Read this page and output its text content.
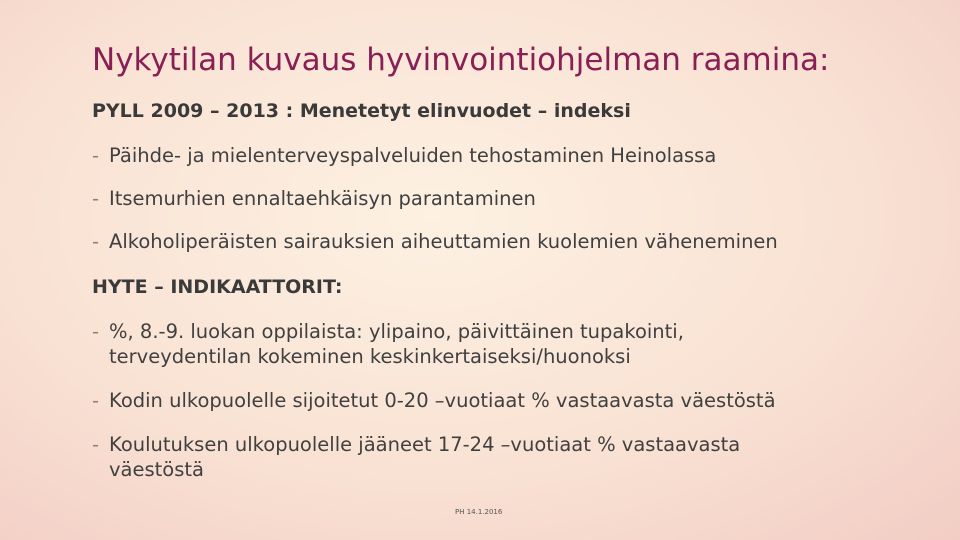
Nykytilan kuvaus hyvinvointiohjelman raamina:
PYLL 2009 – 2013 : Menetetyt elinvuodet – indeksi
- Päihde- ja mielenterveyspalveluiden tehostaminen Heinolassa
- Itsemurhien ennaltaehkäisyn parantaminen
- Alkoholiperäisten sairauksien aiheuttamien kuolemien väheneminen
HYTE – INDIKAATTORIT:
- %, 8.-9. luokan oppilaista: ylipaino, päivittäinen tupakointi, terveydentilan kokeminen keskinkertaiseksi/huonoksi
- Kodin ulkopuolelle sijoitetut 0-20 –vuotiaat % vastaavasta väestöstä
- Koulutuksen ulkopuolelle jääneet 17-24 –vuotiaat % vastaavasta väestöstä
PH 14.1.2016
